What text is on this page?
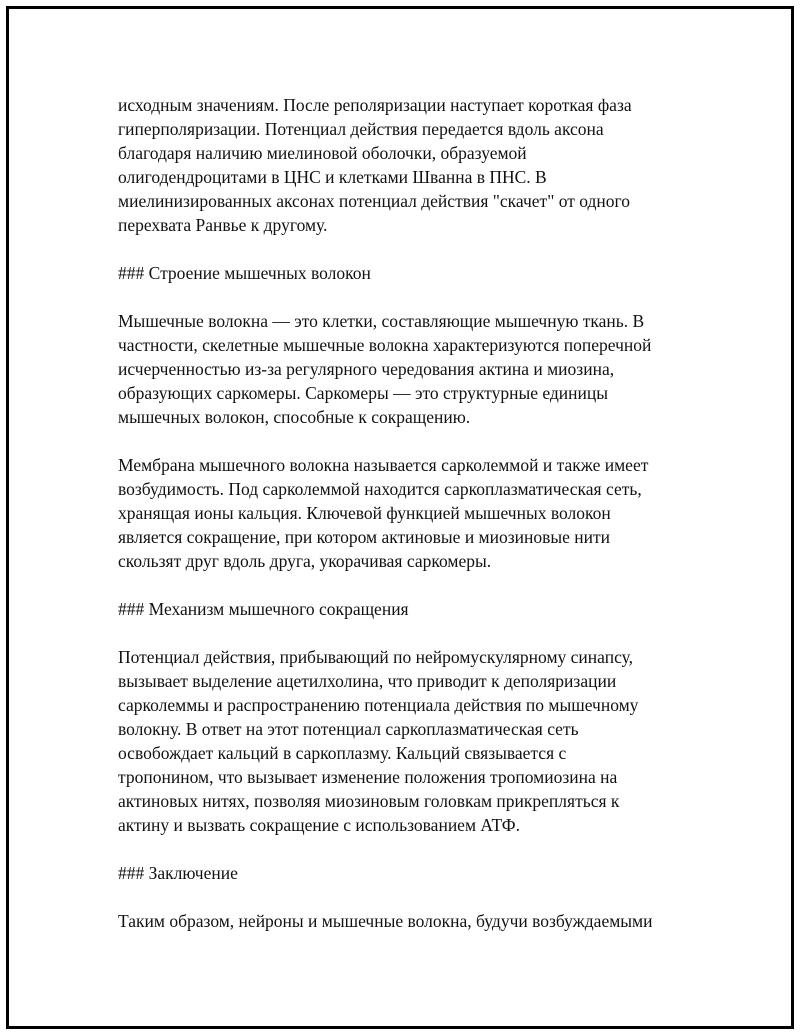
исходным значениям. После реполяризации наступает короткая фаза
гиперполяризации. Потенциал действия передается вдоль аксона
благодаря наличию миелиновой оболочки, образуемой
олигодендроцитами в ЦНС и клетками Шванна в ПНС. В
миелинизированных аксонах потенциал действия "скачет" от одного
перехвата Ранвье к другому.
### Строение мышечных волокон
Мышечные волокна — это клетки, составляющие мышечную ткань. В
частности, скелетные мышечные волокна характеризуются поперечной
исчерченностью из-за регулярного чередования актина и миозина,
образующих саркомеры. Саркомеры — это структурные единицы
мышечных волокон, способные к сокращению.
Мембрана мышечного волокна называется сарколеммой и также имеет
возбудимость. Под сарколеммой находится саркоплазматическая сеть,
хранящая ионы кальция. Ключевой функцией мышечных волокон
является сокращение, при котором актиновые и миозиновые нити
скользят друг вдоль друга, укорачивая саркомеры.
### Механизм мышечного сокращения
Потенциал действия, прибывающий по нейромускулярному синапсу,
вызывает выделение ацетилхолина, что приводит к деполяризации
сарколеммы и распространению потенциала действия по мышечному
волокну. В ответ на этот потенциал саркоплазматическая сеть
освобождает кальций в саркоплазму. Кальций связывается с
тропонином, что вызывает изменение положения тропомиозина на
актиновых нитях, позволяя миозиновым головкам прикрепляться к
актину и вызвать сокращение с использованием АТФ.
### Заключение
Таким образом, нейроны и мышечные волокна, будучи возбуждаемыми
